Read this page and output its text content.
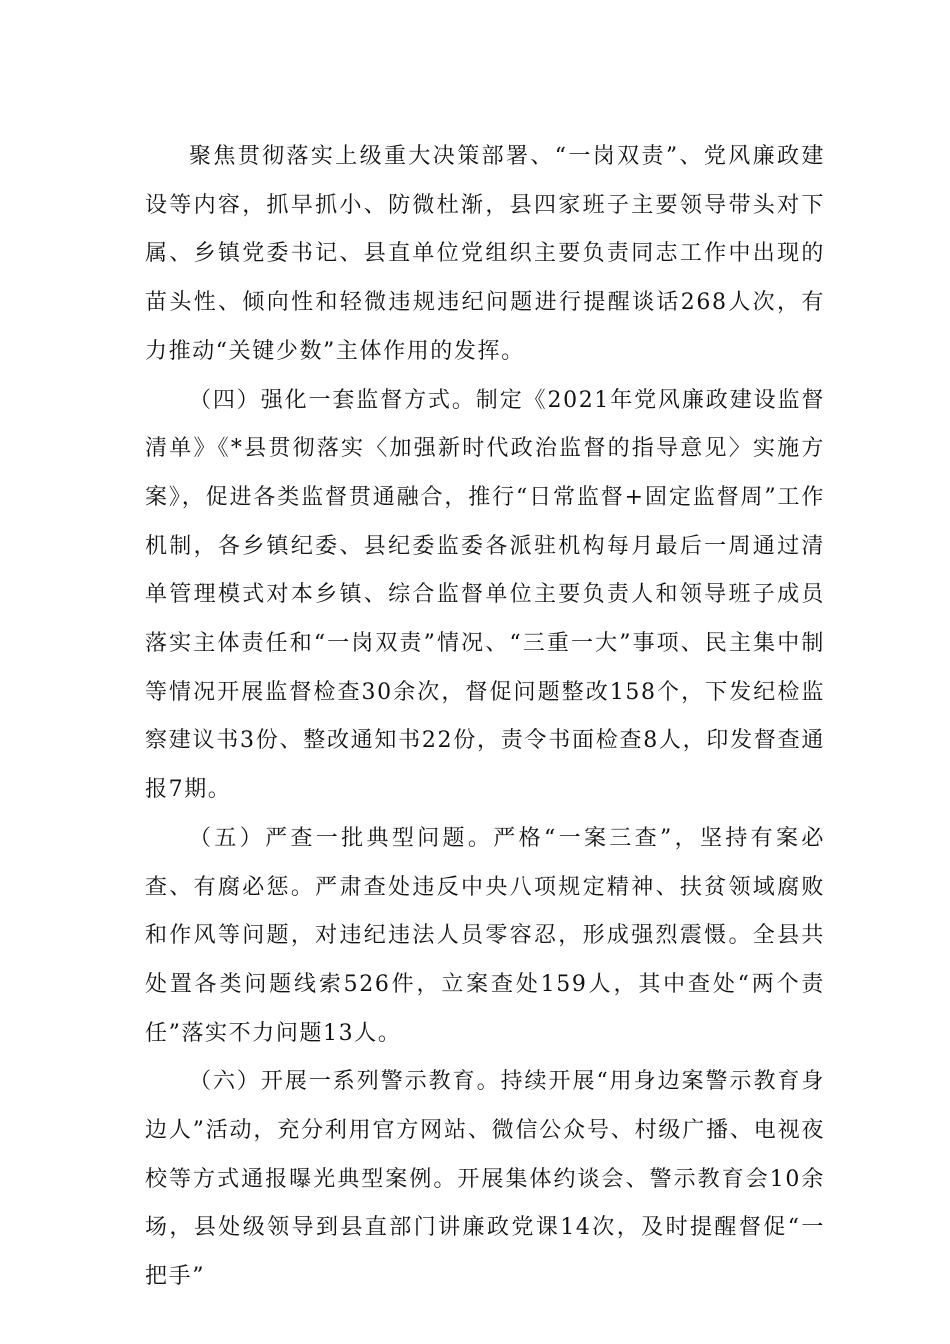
聚焦贯彻落实上级重大决策部署、“一岗双责”、党风廉政建设等内容，抓早抓小、防微杜渐，县四家班子主要领导带头对下属、乡镇党委书记、县直单位党组织主要负责同志工作中出现的苗头性、倾向性和轻微违规违纪问题进行提醒谈话268人次，有力推动“关键少数”主体作用的发挥。

（四）强化一套监督方式。制定《2021年党风廉政建设监督清单》《*县贯彻落实〈加强新时代政治监督的指导意见〉实施方案》，促进各类监督贯通融合，推行“日常监督+固定监督周”工作机制，各乡镇纪委、县纪委监委各派驻机构每月最后一周通过清单管理模式对本乡镇、综合监督单位主要负责人和领导班子成员落实主体责任和“一岗双责”情况、“三重一大”事项、民主集中制等情况开展监督检查30余次，督促问题整改158个，下发纪检监察建议书3份、整改通知书22份，责令书面检查8人，印发督查通报7期。

（五）严查一批典型问题。严格“一案三查”，坚持有案必查、有腐必惩。严肃查处违反中央八项规定精神、扶贫领域腐败和作风等问题，对违纪违法人员零容忍，形成强烈震慑。全县共处置各类问题线索526件，立案查处159人，其中查处“两个责任”落实不力问题13人。

（六）开展一系列警示教育。持续开展“用身边案警示教育身边人”活动，充分利用官方网站、微信公众号、村级广播、电视夜校等方式通报曝光典型案例。开展集体约谈会、警示教育会10余场，县处级领导到县直部门讲廉政党课14次，及时提醒督促“一把手”
